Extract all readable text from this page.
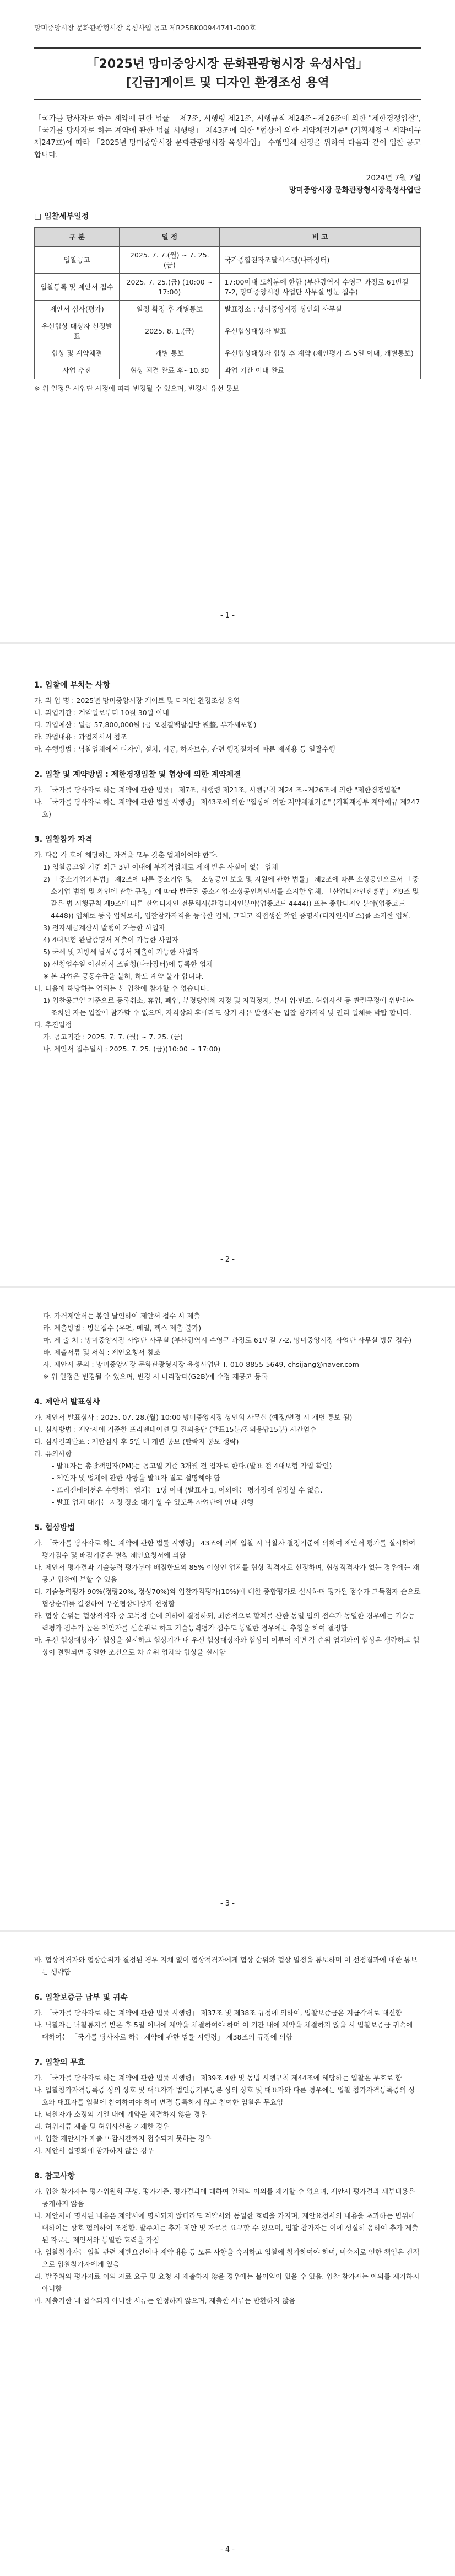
망미중앙시장 문화관광형시장 육성사업 공고 제R25BK00944741-000호
「2025년 망미중앙시장 문화관광형시장 육성사업」
[긴급]게이트 및 디자인 환경조성 용역
「국가를 당사자로 하는 계약에 관한 법률」 제7조, 시행령 제21조, 시행규칙 제24조~제26조에 의한 "제한경쟁입찰", 「국가를 당사자로 하는 계약에 관한 법률 시행령」 제43조에 의한 "협상에 의한 계약체결기준" (기획재정부 계약예규 제247호)에 따라 「2025년 망미중앙시장 문화관광형시장 육성사업」 수행업체 선정을 위하여 다음과 같이 입찰 공고합니다.
2024년 7월 7일
망미중앙시장 문화관광형시장육성사업단
□ 입찰세부일정
구 분	일 정	비 고
입찰공고	2025. 7. 7.(월) ~ 7. 25.(금)	국가종합전자조달시스템(나라장터)
입찰등록 및 제안서 접수	2025. 7. 25.(금) (10:00 ~ 17:00)	17:00이내 도착분에 한함 (부산광역시 수영구 과정로 61번길 7-2, 망미중앙시장 사업단 사무실 방문 접수)
제안서 심사(평가)	일정 확정 후 개별통보	발표장소 : 망미중앙시장 상인회 사무실
우선협상 대상자 선정발표	2025. 8. 1.(금)	우선협상대상자 발표
협상 및 계약체결	개별 통보	우선협상대상자 협상 후 계약 (제안평가 후 5일 이내, 개별통보)
사업 추진	협상 체결 완료 후~10.30	과업 기간 이내 완료
※ 위 일정은 사업단 사정에 따라 변경될 수 있으며, 변경시 유선 통보
- 1 -
1. 입찰에 부치는 사항
가. 과 업 명 : 2025년 망미중앙시장 게이트 및 디자인 환경조성 용역
나. 과업기간 : 계약일로부터 10월 30일 이내
다. 과업예산 : 일금 57,800,000원 (금 오천칠백팔십만 원整, 부가세포함)
라. 과업내용 : 과업지시서 참조
마. 수행방법 : 낙찰업체에서 디자인, 설치, 시공, 하자보수, 관련 행정절차에 따른 제세용 등 일괄수행
2. 입찰 및 계약방법 : 제한경쟁입찰 및 협상에 의한 계약체결
가. 「국가를 당사자로 하는 계약에 관한 법률」 제7조, 시행령 제21조, 시행규칙 제24 조~제26조에 의한 "제한경쟁입찰"
나. 「국가를 당사자로 하는 계약에 관한 법률 시행령」 제43조에 의한 "협상에 의한 계약체결기준" (기획재정부 계약예규 제247호)
3. 입찰참가 자격
가. 다음 각 호에 해당하는 자격을 모두 갖춘 업체이어야 한다.
1) 입찰공고일 기준 최근 3년 이내에 부적격업체로 제재 받은 사실이 없는 업체
2) 「중소기업기본법」 제2조에 따른 중소기업 및 「소상공인 보호 및 지원에 관한 법률」 제2조에 따른 소상공인으로서 「중소기업 범위 및 확인에 관한 규정」에 따라 발급된 중소기업·소상공인확인서를 소지한 업체, 「산업디자인진흥법」제9조 및 같은 법 시행규칙 제9조에 따른 산업디자인 전문회사(환경디자인분야(업종코드 4444)) 또는 종합디자인분야(업종코드 4448)) 업체로 등록 업체로서, 입찰참가자격을 등록한 업체, 그리고 직접생산 확인 증명서(디자인서비스)를 소지한 업체.
3) 전자세금계산서 발행이 가능한 사업자
4) 4대보험 완납증명서 제출이 가능한 사업자
5) 국세 및 지방세 납세증명서 제출이 가능한 사업자
6) 신청업수일 이전까지 조달청(나라장터)에 등록한 업체
※ 본 과업은 공동수급을 불허, 하도 계약 불가 합니다.
나. 다음에 해당하는 업체는 본 입찰에 참가할 수 없습니다.
1) 입찰공고일 기준으로 등록취소, 휴업, 폐업, 부정당업체 지정 및 자격정지, 분서 위·변조, 허위사실 등 관련규정에 위반하여 조치된 자는 입찰에 참가할 수 없으며, 자격상의 후에라도 상기 사유 발생시는 입찰 참가자격 및 권리 일체를 박탈 합니다.
다. 추진일정
가. 공고기간 : 2025. 7. 7. (월) ~ 7. 25. (금)
나. 제안서 접수일시 : 2025. 7. 25. (금)(10:00 ~ 17:00)
- 2 -
다. 가격제안서는 봉인 날인하여 제안서 접수 시 제출
라. 제출방법 : 방문접수 (우편, 메일, 팩스 제출 불가)
마. 제 출 처 : 망미중앙시장 사업단 사무실 (부산광역시 수영구 과정로 61번길 7-2, 망미중앙시장 사업단 사무실 방문 접수)
바. 제출서류 및 서식 : 제안요청서 참조
사. 제안서 문의 : 망미중앙시장 문화관광형시장 육성사업단 T. 010-8855-5649, chsijang@naver.com
※ 위 일정은 변경될 수 있으며, 변경 시 나라장터(G2B)에 수정 재공고 등록
4. 제안서 발표심사
가. 제안서 발표심사 : 2025. 07. 28.(월) 10:00 망미중앙시장 상인회 사무실 (예정/변경 시 개별 통보 됨)
나. 심사방법 : 제안서에 기준한 프리젠테이션 및 질의응답 (발표15분/질의응답15분) 시간엄수
다. 심사결과발표 : 제안심사 후 5일 내 개별 통보 (탈락자 통보 생략)
라. 유의사항
- 발표자는 총괄책임자(PM)는 공고일 기준 3개월 전 업자로 한다.(발표 전 4대보험 가입 확인)
- 제안자 및 업체에 관한 사항을 발표자 질고 설명해야 함
- 프리젠테이션은 수행하는 업체는 1명 이내 (발표자 1, 이외에는 평가장에 입장할 수 없음.
- 발표 업체 대기는 지정 장소 대기 할 수 있도록 사업단에 안내 진행
5. 협상방법
가. 「국가를 당사자로 하는 계약에 관한 법률 시행령」 43조에 의해 입찰 시 낙찰자 결정기준에 의하여 제안서 평가를 실시하여 평가점수 및 배점기준은 별첨 제안요청서에 의함
나. 제안서 평가결과 기술능력 평가분야 배점한도의 85% 이상인 업체를 협상 적격자로 선정하며, 협상적격자가 없는 경우에는 재공고 입찰에 부할 수 있음
다. 기술능력평가 90%(정량20%, 정성70%)와 입찰가격평가(10%)에 대한 종합평가로 실시하며 평가된 점수가 고득점자 순으로 협상순위를 결정하여 우선협상대상자 선정함
라. 협상 순위는 협상적격자 중 고득점 순에 의하여 결정하되, 최종적으로 합계를 산한 동일 입의 점수가 동일한 경우에는 기술능력평가 점수가 높은 제안자를 선순위로 하고 기술능력평가 점수도 동일한 경우에는 추첨을 하여 결정함
마. 우선 협상대상자가 협상을 실시하고 협상기간 내 우선 협상대상자와 협상이 이루어 지면 각 순위 업체와의 협상은 생략하고 협상이 결렬되면 동일한 조건으로 차 순위 업체와 협상을 실시함
- 3 -
바. 협상적격자와 협상순위가 결정된 경우 지체 없이 협상적격자에게 협상 순위와 협상 일정을 통보하며 이 선정결과에 대한 통보는 생략함
6. 입찰보증금 납부 및 귀속
가. 「국가를 당사자로 하는 계약에 관한 법률 시행령」 제37조 및 제38조 규정에 의하여, 입찰보증금은 지급각서로 대신함
나. 낙찰자는 낙찰통지를 받은 후 5일 이내에 계약을 체결하여야 하며 이 기간 내에 계약을 체결하지 않을 시 입찰보증금 귀속에 대하여는 「국가를 당사자로 하는 계약에 관한 법률 시행령」 제38조의 규정에 의함
7. 입찰의 무효
가. 「국가를 당사자로 하는 계약에 관한 법률 시행령」 제39조 4항 및 동법 시행규칙 제44조에 해당하는 입찰은 무효로 함
나. 입찰참가자격등록증 상의 상호 및 대표자가 법인등기부등본 상의 상호 및 대표자와 다른 경우에는 입찰 참가자격등록증의 상호와 대표자를 입찰에 참여하여야 하며 변경 등록하지 않고 참여한 입찰은 무효임
다. 낙찰자가 소정의 기일 내에 계약을 체결하지 않을 경우
라. 허위서류 제출 및 허위사실을 기재한 경우
마. 입찰 제안서가 제출 마감시간까지 접수되지 못하는 경우
사. 제안서 설명회에 참가하지 않은 경우
8. 참고사항
가. 입찰 참가자는 평가위원회 구성, 평가기준, 평가결과에 대하여 일체의 이의를 제기할 수 없으며, 제안서 평가결과 세부내용은 공개하지 않음
나. 제안서에 명시된 내용은 계약서에 명시되지 않더라도 계약서와 동일한 효력을 가지며, 제안요청서의 내용을 초과하는 범위에 대하여는 상호 협의하여 조정함. 발주처는 추가 제안 및 자료를 요구할 수 있으며, 입찰 참가자는 이에 성실히 응하여 추가 제출된 자료는 제안서와 동일한 효력을 가짐
다. 입찰참가자는 입찰 관련 제반요건이나 계약내용 등 모든 사항을 숙지하고 입찰에 참가하여야 하며, 미숙지로 인한 책임은 전적으로 입찰참가자에게 있음
라. 발주처의 평가자료 이외 자료 요구 및 요청 시 제출하지 않을 경우에는 불이익이 있을 수 있음. 입찰 참가자는 이의를 제기하지 아니함
마. 제출기한 내 접수되지 아니한 서류는 인정하지 않으며, 제출한 서류는 반환하지 않음
- 4 -
